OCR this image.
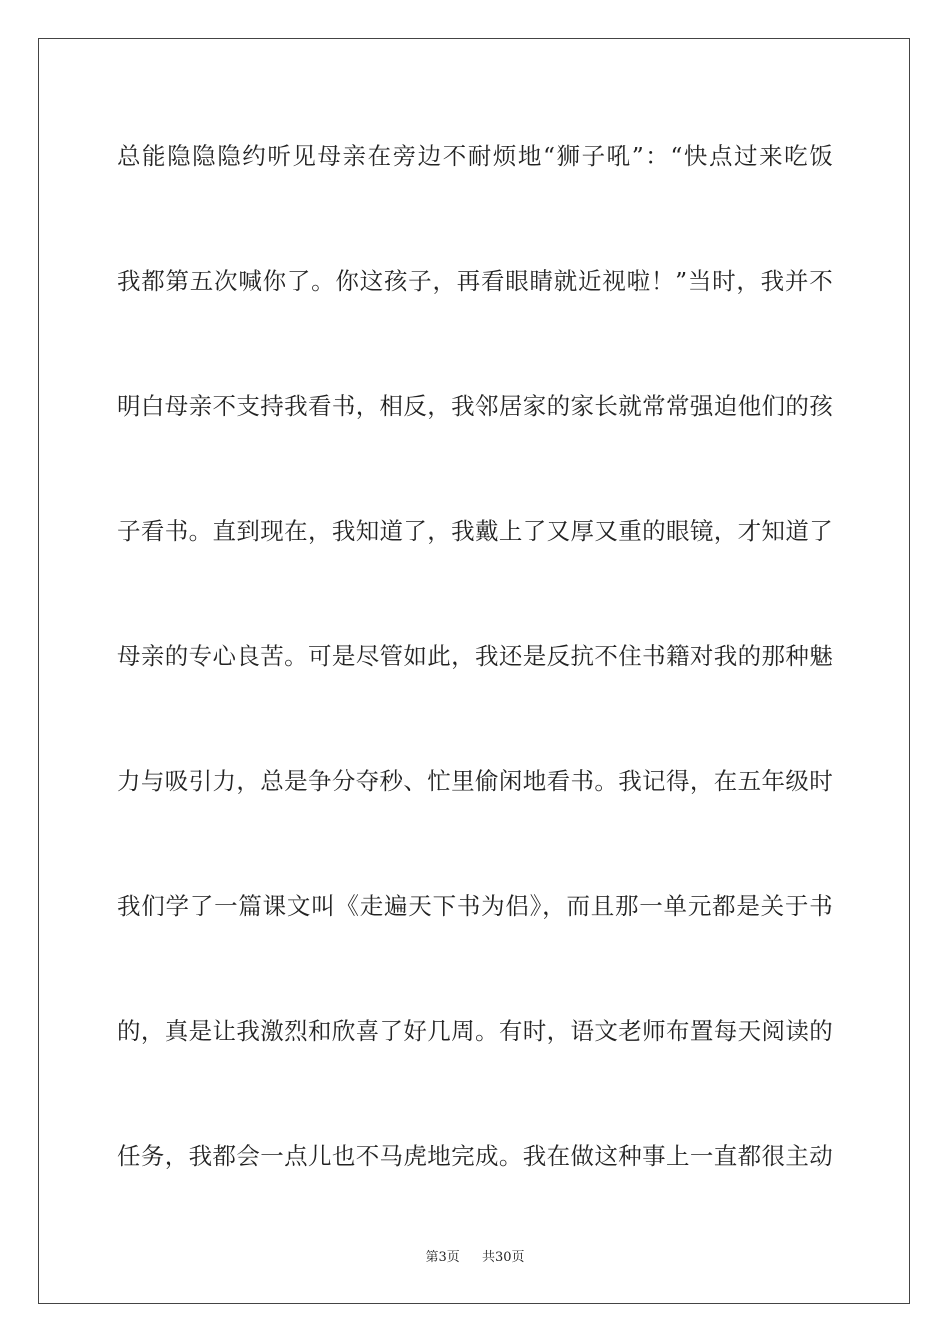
总能隐隐隐约听见母亲在旁边不耐烦地“狮子吼”：“快点过来吃饭

我都第五次喊你了。你这孩子，再看眼睛就近视啦！”当时，我并不

明白母亲不支持我看书，相反，我邻居家的家长就常常强迫他们的孩

子看书。直到现在，我知道了，我戴上了又厚又重的眼镜，才知道了

母亲的专心良苦。可是尽管如此，我还是反抗不住书籍对我的那种魅

力与吸引力，总是争分夺秒、忙里偷闲地看书。我记得，在五年级时

我们学了一篇课文叫《走遍天下书为侣》，而且那一单元都是关于书

的，真是让我激烈和欣喜了好几周。有时，语文老师布置每天阅读的

任务，我都会一点儿也不马虎地完成。我在做这种事上一直都很主动

第3页 共30页
